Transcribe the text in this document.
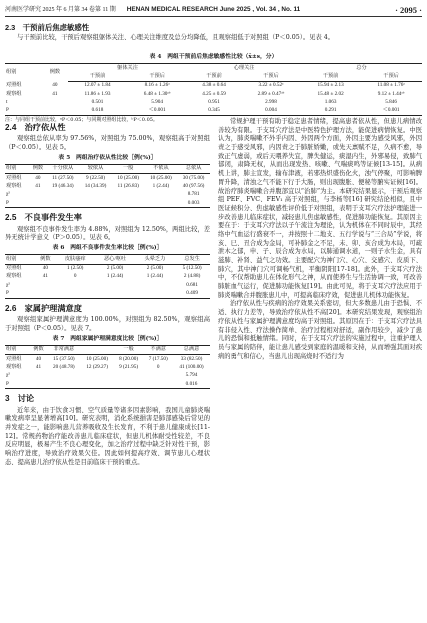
河南医学研究 2025 年 6 月第 34 卷第 11 期	HENAN MEDICAL RESEARCH June 2025 , Vol. 34 , No. 11	· 2095 ·
2.3　干预前后焦虑敏感性

与干预前比较，干预后观察组躯体关注、心理关注维度及总分均降低，且观察组低于对照组（P＜0.05）。见表 4。

表 4　两组干预前后焦虑敏感性比较（x̄±s，分）
组别	例数	躯体关注		心理关注		总分	
		干预前	干预后	干预前	干预后	干预前	干预后
对照组	40	12.07 ± 1.84	8.16 ± 1.26ᵃ	4.38 ± 0.64	3.22 ± 0.52ᵃ	15.94 ± 2.13	11.08 ± 1.76ᵃ
观察组	41	11.86 ± 1.93	6.48 ± 1.30ᵃᵇ	4.25 ± 0.59	2.89 ± 0.47ᵃᵇ	15.48 ± 2.02	9.12 ± 1.44ᵃᵇ
t		0.501	5.904	0.951	2.998	1.063	5.846
P		0.618	＜0.001	0.345	0.004	0.291	＜0.001
注：与同组干预前比较，ᵃP＜0.05；与同期对照组比较，ᵇP＜0.05。
2.4　治疗依从性

观察组总依从率为 97.56%，对照组为 75.00%，观察组高于对照组（P＜0.05）。见表 5。

表 5　两组治疗依从性比较［例(%)］
组别	例数	十分依从	较依从	一般	不依从	总依从
对照组	40	11 (27.50)	9 (22.50)	10 (25.00)	10 (25.00)	30 (75.00)
观察组	41	19 (46.34)	14 (34.39)	11 (26.83)	1 (2.44)	40 (97.56)
χ²						8.781
P						0.003
2.5　不良事件发生率

观察组不良事件发生率为 4.88%，对照组为 12.50%，两组比较，差异无统计学意义（P＞0.05）。见表 6。

表 6　两组不良事件发生率比较［例(%)］
组别	例数	皮肤瘙痒	恶心/呕吐	头晕乏力	总发生
对照组	40	1 (2.50)	2 (5.00)	2 (5.00)	5 (12.50)
观察组	41	0	1 (2.44)	1 (2.44)	2 (4.88)
χ²					0.681
P					0.409
2.6　家属护理满意度

观察组家属护理满意度为 100.00%，对照组为 82.50%，观察组高于对照组（P＜0.05）。见表 7。

表 7　两组家属护理满意度比较［例(%)］
组别	例数	非常满意		一般	不满意	总满意
对照组	40	15 (37.50)	10 (25.00)	8 (20.00)	7 (17.50)	33 (82.50)
观察组	41	20 (48.78)	12 (29.27)	9 (21.95)	0	41 (100.00)
χ²						5.794
P						0.016
3　讨论

近年来，由于饮食习惯、空气质量等诸多因素影响，我国儿童肺炎喘嗽发病率呈显著增高[10]。研究表明，消化系统損害是肺部感染后常见的并发症之一，能影响患儿营养吸收及生长发育，不利于患儿健康成长[11-12]。常规药物治疗能改善患儿临床症状，但患儿机体耐受性较差，不良反应明显，极易产生不良心理变化，加之治疗过程中缺乏针对性干预，影响治疗进度，导致治疗效果欠佳。因此如何提高疗效、调节患儿心理状态、提高患儿治疗依从性是目前临床干预的重点。

常规护理干预有助于稳定患者情绪，提高患者依从性，但患儿病情改善较为有限。于支耳穴疗法是中医特色护理方法，能促进病情恢复。中医认为，肺炎喘嗽不外乎内因、外因两个方面，外因主要为感受风邪，外因责之于感受风邪，内因责之于肺脏娇嫩，或先天禀赋不足，久病不愈，导致正气虚弱，或后天喂养失宜，脾失健运，痰湿内生，外邪易侵，致肺气郁闭，肃降无权，从而出现发热、咳嗽、气喘痰鸣等证候[13-15]。从病机上讲，肺主宣发，输布津液，若邪热炽盛伤化火，浊气停聚，可影响脾胃升降，清浊之气不能下行于大肠，则出现腹胀、便秘等腑实证候[16]。故治疗肺炎喘嗽合并腹部宜以“治肺”为主。本研究结果显示，干预后观察组 PEF、FVC、FEV₁ 高于对照组，与李杨等[16] 研究结论相似，且中医证候积分、焦虑敏感性评价低于对照组，表明于支耳穴疗法护理能进一步改善患儿临床症状，减轻患儿焦虑敏感性，促进肺功能恢复。其原因主要在于：于支耳穴疗法以子午流注为理论，认为机体在不同时辰中，其经络中气血运行盛衰不一，并按照十二地支、五行学说与“三合局”学说，将亥、巳、丑合成为金局，可补肺金之不足，未、卯、亥合成为木局，可疏泄木之郁，申、子、辰合成为水局，以肺通调水道，一则子水生金，具有滋肺、补肾、益气之功效。主要配穴为神门穴、心穴、交感穴、皮质下、肺穴，其中神门穴可调畅气机，平衡阴阳[17-18]。此外，于支耳穴疗法中，不仅帮助患儿在体化形气之神，从而使养生与生活协调一致，可改善肺脏血气运行，促进肺功能恢复[19]。由此可见，将于支耳穴疗法应用于肺炎喘嗽合并腹胀患儿中，可提高临床疗效，促进患儿机体功能恢复。

治疗依从性与疾病的治疗效果关系密切，但大多数患儿由于恐惧、不适、执行力差等，导致治疗依从性不高[20]。本研究结果发现，观察组治疗依从性与家属护理满意度均高于对照组。其原因在于：于支耳穴疗法具有非侵入性、疗法操作简单、治疗过程相对舒适，副作用较少，减少了患儿的恐惧和抵触情绪。同时，在于支耳穴疗法的实施过程中，注重护理人员与家属的陪伴，能让患儿感受到家庭的温暖和支持，从而增强其面对疾病的勇气和信心，当患儿出现高烧时不适行为
